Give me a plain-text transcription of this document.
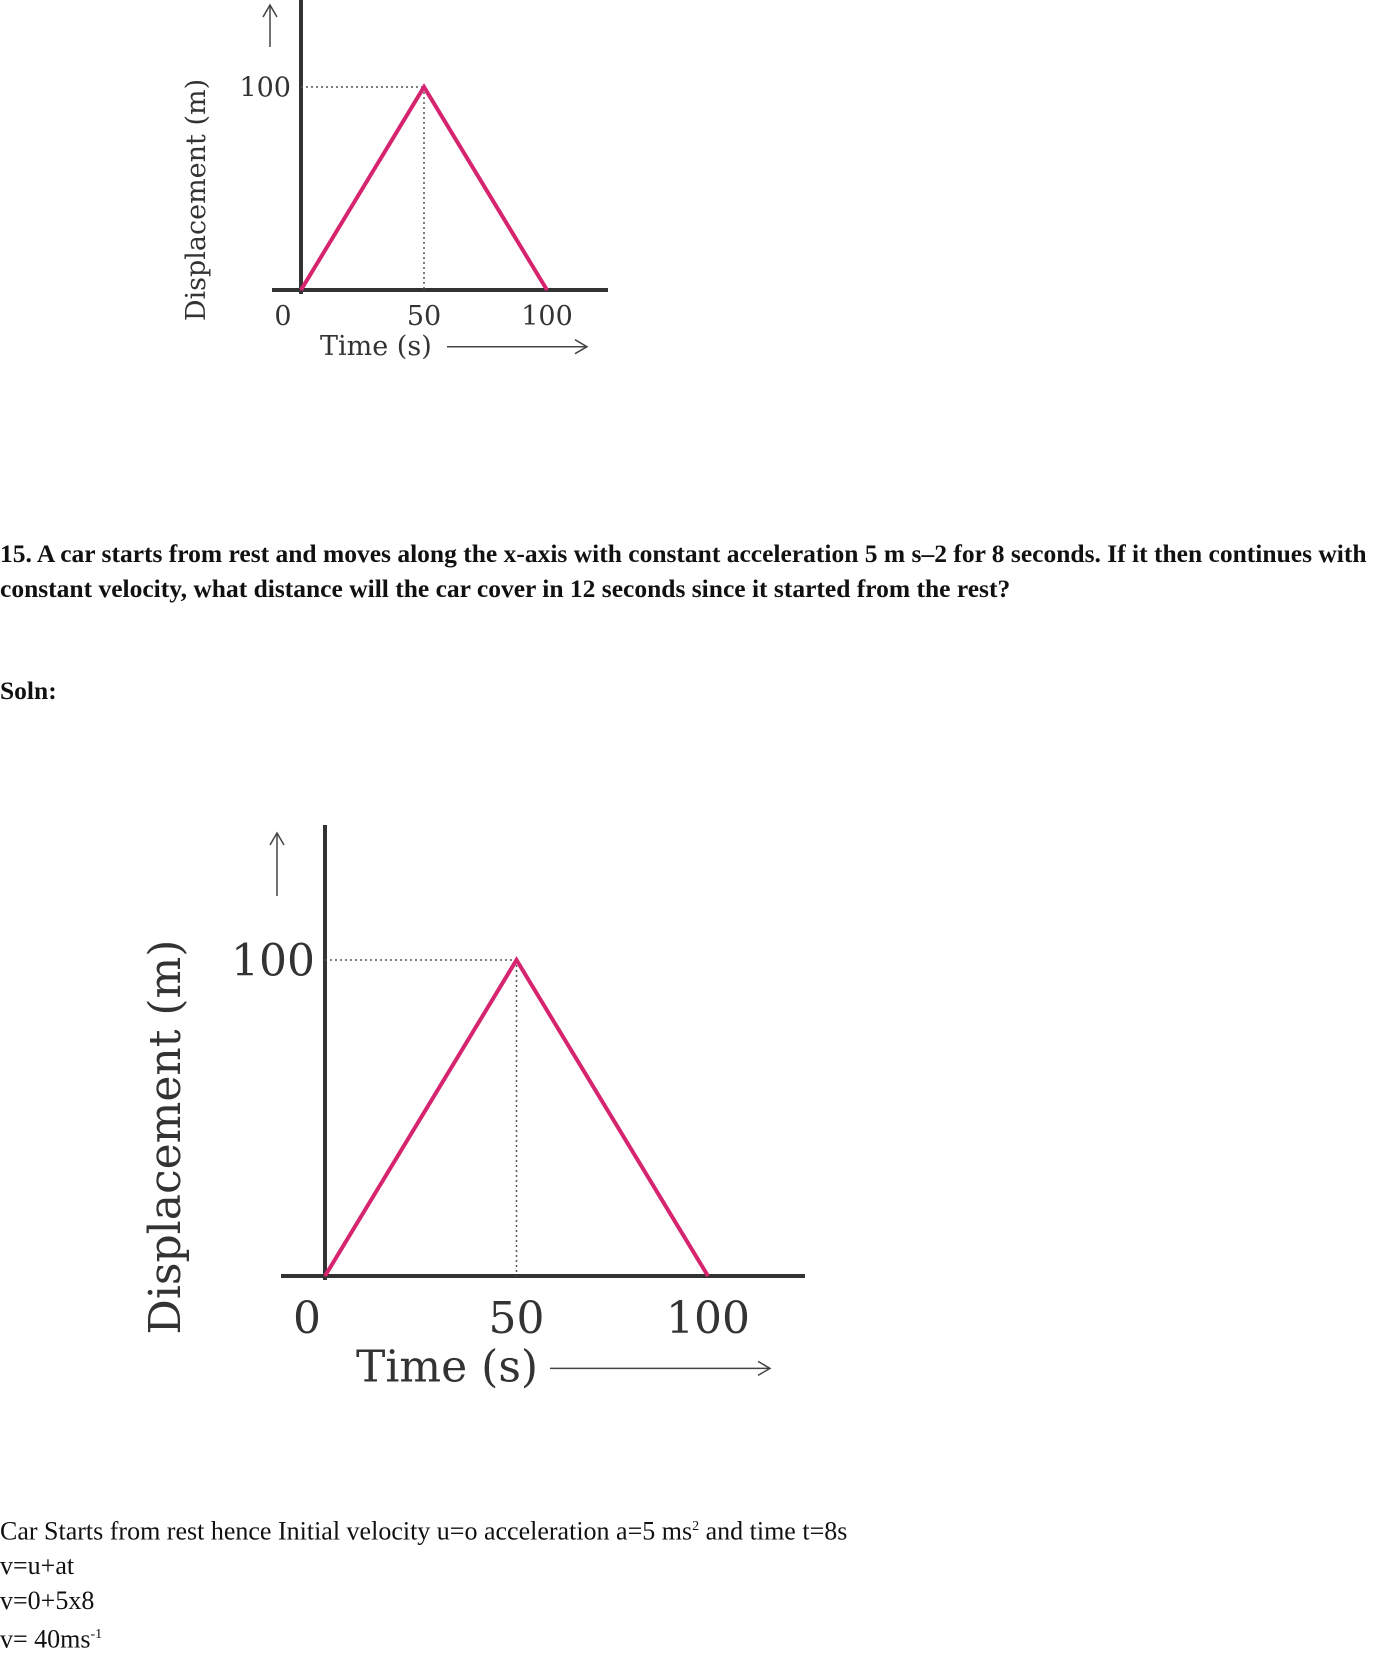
100
0	50	100
Time (s)
Displacement (m)
15. A car starts from rest and moves along the x-axis with constant acceleration 5 m s–2 for 8 seconds. If it then continues with constant velocity, what distance will the car cover in 12 seconds since it started from the rest?
Soln:
100
0	50	100
Time (s)
Displacement (m)
Car Starts from rest hence Initial velocity u=o acceleration a=5 $ms^2$ and time t=8s
v=u+at
v=0+5x8
$v= 40ms^{-1}$
